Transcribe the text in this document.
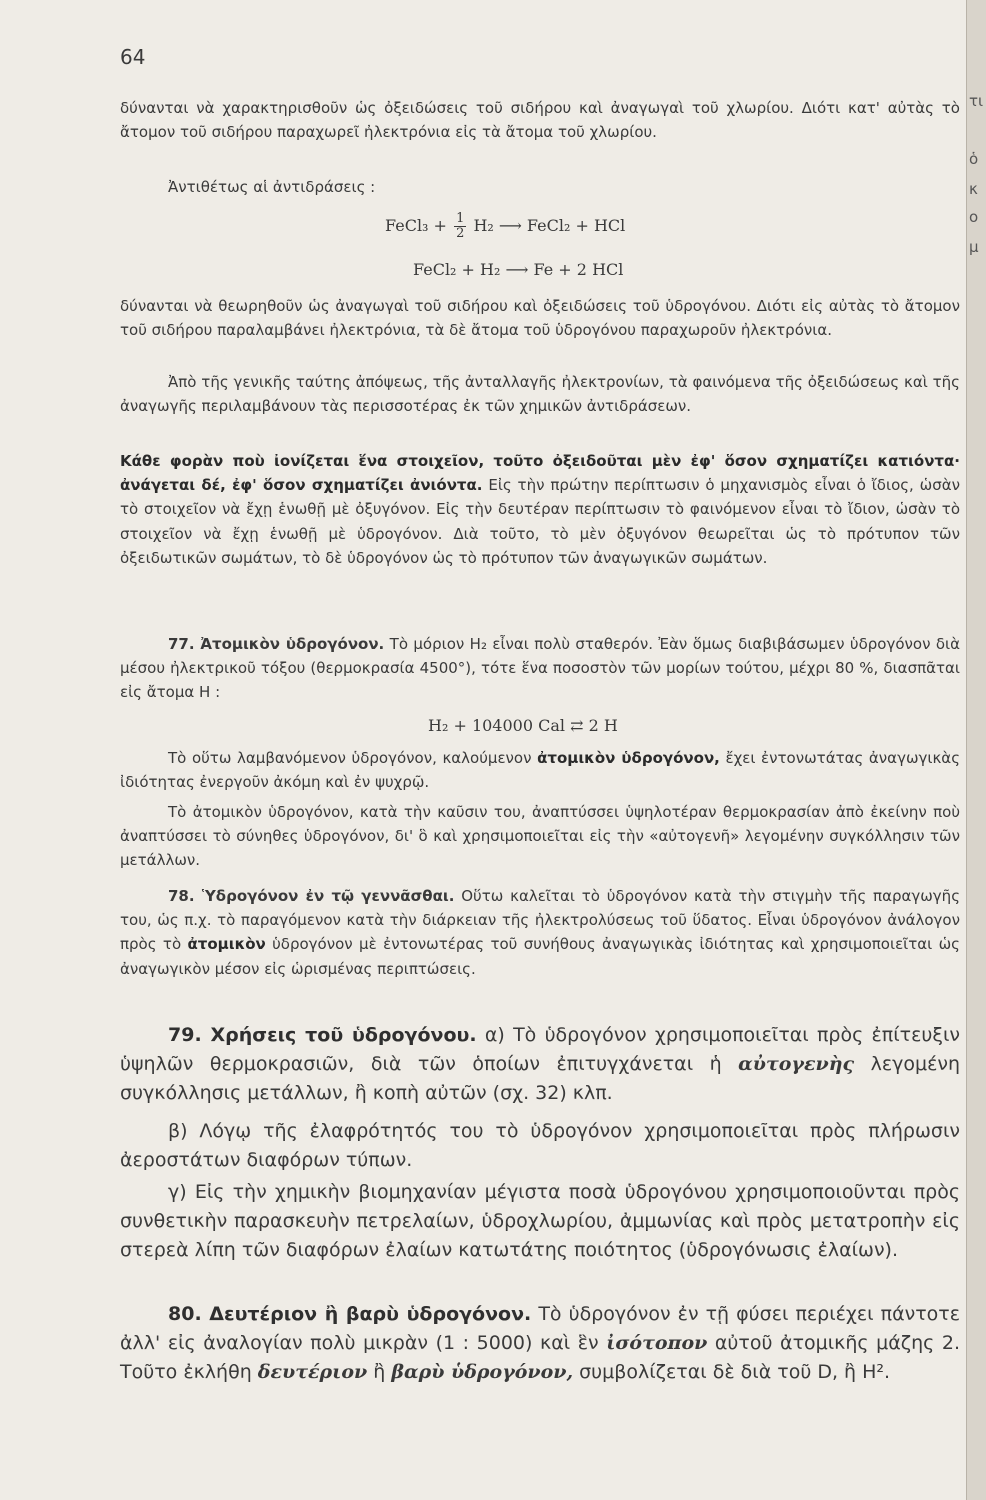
64

δύνανται νὰ χαρακτηρισθοῦν ὡς ὀξειδώσεις τοῦ σιδήρου καὶ ἀναγωγαὶ τοῦ χλωρίου. Διότι κατ' αὐτὰς τὸ ἄτομον τοῦ σιδήρου παραχωρεῖ ἠλεκτρόνια εἰς τὰ ἄτομα τοῦ χλωρίου.

Ἀντιθέτως αἱ ἀντιδράσεις :

FeCl₃ + $\frac{1}{2} H_2$ ⟶ FeCl₂ + HCl
FeCl₂ + H₂ ⟶ Fe + 2 HCl

δύνανται νὰ θεωρηθοῦν ὡς ἀναγωγαὶ τοῦ σιδήρου καὶ ὀξειδώσεις τοῦ ὑδρογόνου. Διότι εἰς αὐτὰς τὸ ἄτομον τοῦ σιδήρου παραλαμβάνει ἠλεκτρόνια, τὰ δὲ ἄτομα τοῦ ὑδρογόνου παραχωροῦν ἠλεκτρόνια.

Ἀπὸ τῆς γενικῆς ταύτης ἀπόψεως, τῆς ἀνταλλαγῆς ἠλεκτρονίων, τὰ φαινόμενα τῆς ὀξειδώσεως καὶ τῆς ἀναγωγῆς περιλαμβάνουν τὰς περισσοτέρας ἐκ τῶν χημικῶν ἀντιδράσεων.

Κάθε φορὰν ποὺ ἰονίζεται ἕνα στοιχεῖον, τοῦτο ὀξειδοῦται μὲν ἐφ' ὅσον σχηματίζει κατιόντα· ἀνάγεται δέ, ἐφ' ὅσον σχηματίζει ἀνιόντα. Εἰς τὴν πρώτην περίπτωσιν ὁ μηχανισμὸς εἶναι ὁ ἴδιος, ὡσὰν τὸ στοιχεῖον νὰ ἔχῃ ἑνωθῇ μὲ ὀξυγόνον. Εἰς τὴν δευτέραν περίπτωσιν τὸ φαινόμενον εἶναι τὸ ἴδιον, ὡσὰν τὸ στοιχεῖον νὰ ἔχῃ ἑνωθῇ μὲ ὑδρογόνον. Διὰ τοῦτο, τὸ μὲν ὀξυγόνον θεωρεῖται ὡς τὸ πρότυπον τῶν ὀξειδωτικῶν σωμάτων, τὸ δὲ ὑδρογόνον ὡς τὸ πρότυπον τῶν ἀναγωγικῶν σωμάτων.

77. Ἀτομικὸν ὑδρογόνον. Τὸ μόριον H₂ εἶναι πολὺ σταθερόν. Ἐὰν ὅμως διαβιβάσωμεν ὑδρογόνον διὰ μέσου ἠλεκτρικοῦ τόξου (θερμοκρασία 4500°), τότε ἕνα ποσοστὸν τῶν μορίων τούτου, μέχρι 80 %, διασπᾶται εἰς ἄτομα H :

H₂ + 104000 Cal ⇄ 2 H

Τὸ οὕτω λαμβανόμενον ὑδρογόνον, καλούμενον ἀτομικὸν ὑδρογόνον, ἔχει ἐντονωτάτας ἀναγωγικὰς ἰδιότητας ἐνεργοῦν ἀκόμη καὶ ἐν ψυχρῷ.

Τὸ ἀτομικὸν ὑδρογόνον, κατὰ τὴν καῦσιν του, ἀναπτύσσει ὑψηλοτέραν θερμοκρασίαν ἀπὸ ἐκείνην ποὺ ἀναπτύσσει τὸ σύνηθες ὑδρογόνον, δι' ὃ καὶ χρησιμοποιεῖται εἰς τὴν «αὐτογενῆ» λεγομένην συγκόλλησιν τῶν μετάλλων.

78. Ὑδρογόνον ἐν τῷ γεννᾶσθαι. Οὕτω καλεῖται τὸ ὑδρογόνον κατὰ τὴν στιγμὴν τῆς παραγωγῆς του, ὡς π.χ. τὸ παραγόμενον κατὰ τὴν διάρκειαν τῆς ἠλεκτρολύσεως τοῦ ὕδατος. Εἶναι ὑδρογόνον ἀνάλογον πρὸς τὸ ἀτομικὸν ὑδρογόνον μὲ ἐντονωτέρας τοῦ συνήθους ἀναγωγικὰς ἰδιότητας καὶ χρησιμοποιεῖται ὡς ἀναγωγικὸν μέσον εἰς ὡρισμένας περιπτώσεις.

79. Χρήσεις τοῦ ὑδρογόνου. α) Τὸ ὑδρογόνον χρησιμοποιεῖται πρὸς ἐπίτευξιν ὑψηλῶν θερμοκρασιῶν, διὰ τῶν ὁποίων ἐπιτυγχάνεται ἡ αὐτογενὴς λεγομένη συγκόλλησις μετάλλων, ἢ κοπὴ αὐτῶν (σχ. 32) κλπ.

β) Λόγῳ τῆς ἐλαφρότητός του τὸ ὑδρογόνον χρησιμοποιεῖται πρὸς πλήρωσιν ἀεροστάτων διαφόρων τύπων.

γ) Εἰς τὴν χημικὴν βιομηχανίαν μέγιστα ποσὰ ὑδρογόνου χρησιμοποιοῦνται πρὸς συνθετικὴν παρασκευὴν πετρελαίων, ὑδροχλωρίου, ἀμμωνίας καὶ πρὸς μετατροπὴν εἰς στερεὰ λίπη τῶν διαφόρων ἐλαίων κατωτάτης ποιότητος (ὑδρογόνωσις ἐλαίων).

80. Δευτέριον ἢ βαρὺ ὑδρογόνον. Τὸ ὑδρογόνον ἐν τῇ φύσει περιέχει πάντοτε ἀλλ' εἰς ἀναλογίαν πολὺ μικρὰν (1 : 5000) καὶ ἓν ἰσότοπον αὐτοῦ ἀτομικῆς μάζης 2. Τοῦτο ἐκλήθη δευτέριον ἢ βαρὺ ὑδρογόνον, συμβολίζεται δὲ διὰ τοῦ D, ἢ H².

τι
ὁ
κ
ο
μ
